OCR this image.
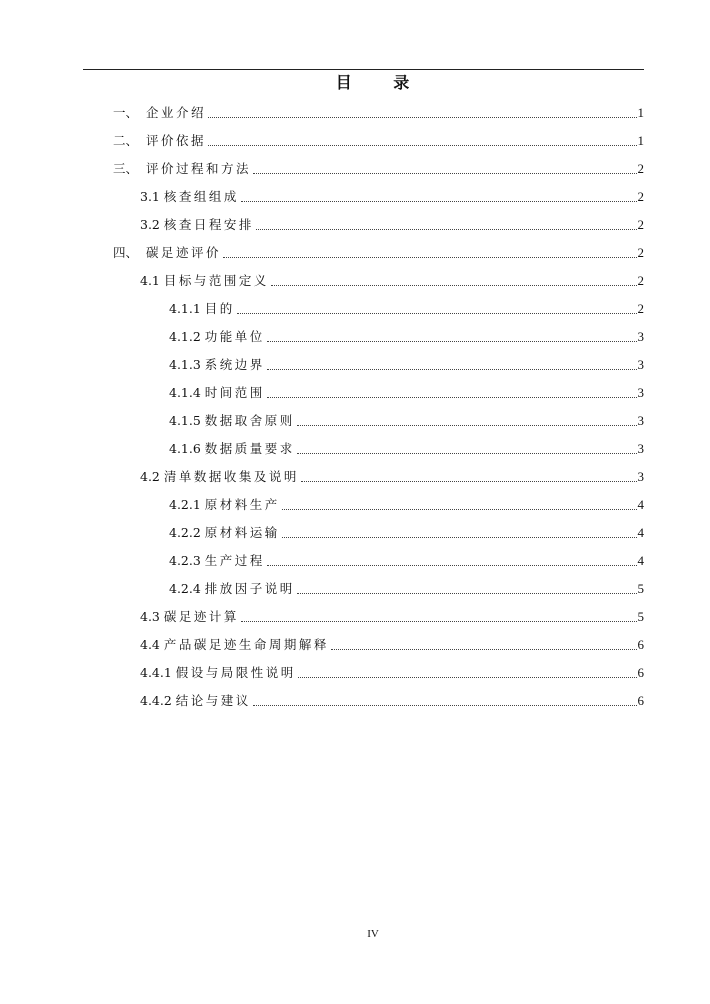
目 录
一、 企业介绍	1
二、 评价依据	1
三、 评价过程和方法	2
3.1 核查组组成	2
3.2 核查日程安排	2
四、 碳足迹评价	2
4.1 目标与范围定义	2
4.1.1 目的	2
4.1.2 功能单位	3
4.1.3 系统边界	3
4.1.4 时间范围	3
4.1.5 数据取舍原则	3
4.1.6 数据质量要求	3
4.2 清单数据收集及说明	3
4.2.1 原材料生产	4
4.2.2 原材料运输	4
4.2.3 生产过程	4
4.2.4 排放因子说明	5
4.3 碳足迹计算	5
4.4 产品碳足迹生命周期解释	6
4.4.1 假设与局限性说明	6
4.4.2 结论与建议	6
IV
